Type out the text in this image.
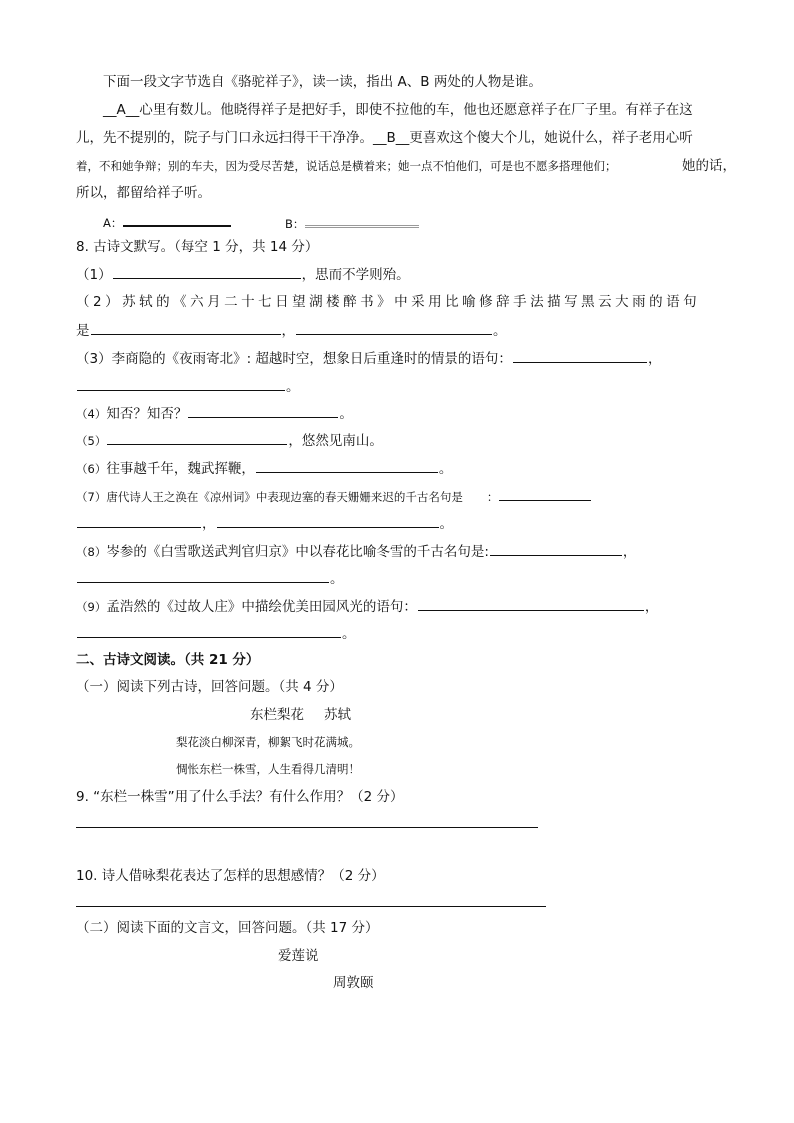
下面一段文字节选自《骆驼祥子》，读一读，指出 A、B 两处的人物是谁。
__A__心里有数儿。他晓得祥子是把好手，即使不拉他的车，他也还愿意祥子在厂子里。有祥子在这
儿，先不提别的，院子与门口永远扫得干干净净。__B__更喜欢这个傻大个儿，她说什么，祥子老用心听
着，不和她争辩；别的车夫，因为受尽苦楚，说话总是横着来；她一点不怕他们，可是也不愿多搭理他们；	她的话，
所以，都留给祥子听。
A：	B：
8. 古诗文默写。（每空 1 分，共 14 分）
（1）	，思而不学则殆。
（2）苏轼的《六月二十七日望湖楼醉书》中采用比喻修辞手法描写黑云大雨的语句
是	，	。
（3）李商隐的《夜雨寄北》: 超越时空，想象日后重逢时的情景的语句：	，
。
（4）知否？知否？	。
（5）	，悠然见南山。
（6）往事越千年，魏武挥鞭，	。
（7）唐代诗人王之涣在《凉州词》中表现边塞的春天姗姗来迟的千古名句是 ：
，	。
（8）岑参的《白雪歌送武判官归京》中以春花比喻冬雪的千古名句是:	，
。
（9）孟浩然的《过故人庄》中描绘优美田园风光的语句：	，
。
二、古诗文阅读。（共 21 分）
（一）阅读下列古诗，回答问题。（共 4 分）
东栏梨花 苏轼
梨花淡白柳深青，柳絮飞时花满城。
惆怅东栏一株雪，人生看得几清明！
9. “东栏一株雪”用了什么手法？有什么作用？（2 分）
10. 诗人借咏梨花表达了怎样的思想感情？（2 分）
（二）阅读下面的文言文，回答问题。（共 17 分）
爱莲说
周敦颐
